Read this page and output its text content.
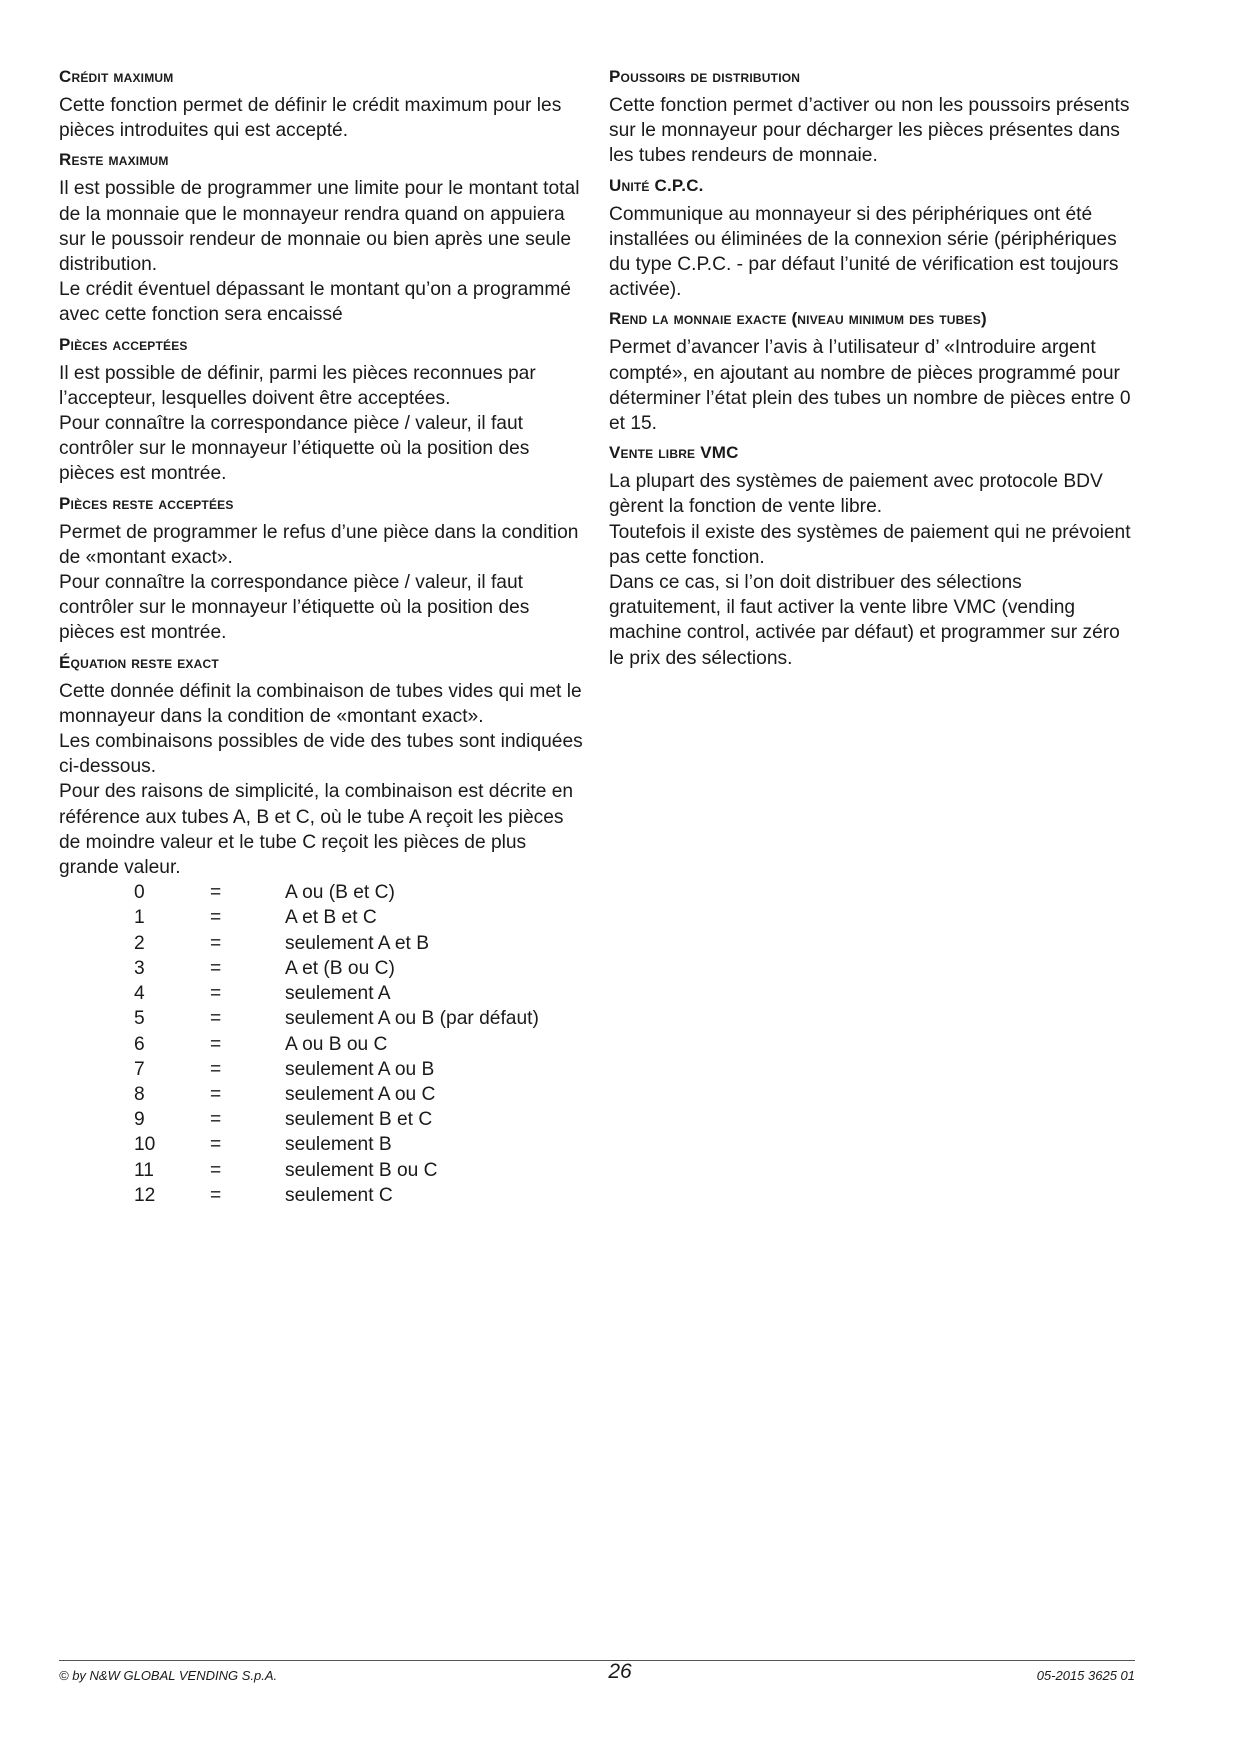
Crédit maximum

Cette fonction permet de définir le crédit maximum pour les pièces introduites qui est accepté.

Reste maximum

Il est possible de programmer une limite pour le montant total de la monnaie que le monnayeur rendra quand on appuiera sur le poussoir rendeur de monnaie ou bien après une seule distribution.

Le crédit éventuel dépassant le montant qu’on a programmé avec cette fonction sera encaissé

Pièces acceptées

Il est possible de définir, parmi les pièces reconnues par l’accepteur, lesquelles doivent être acceptées.

Pour connaître la correspondance pièce / valeur, il faut contrôler sur le monnayeur l’étiquette où la position des pièces est montrée.

Pièces reste acceptées

Permet de programmer le refus d’une pièce dans la condition de «montant exact».

Pour connaître la correspondance pièce / valeur, il faut contrôler sur le monnayeur l’étiquette où la position des pièces est montrée.

Équation reste exact

Cette donnée définit la combinaison de tubes vides qui met le monnayeur dans la condition de «montant exact».

Les combinaisons possibles de vide des tubes sont indiquées ci-dessous.

Pour des raisons de simplicité, la combinaison est décrite en référence aux tubes A, B et C, où le tube A reçoit les pièces de moindre valeur et le tube C reçoit les pièces de plus grande valeur.

0	=	A ou (B et C)
1	=	A et B et C
2	=	seulement A et B
3	=	A et (B ou C)
4	=	seulement A
5	=	seulement A ou B (par défaut)
6	=	A ou B ou C
7	=	seulement A ou B
8	=	seulement A ou C
9	=	seulement B et C
10	=	seulement B
11	=	seulement B ou C
12	=	seulement C
Poussoirs de distribution

Cette fonction permet d’activer ou non les poussoirs présents sur le monnayeur pour décharger les pièces présentes dans les tubes rendeurs de monnaie.

Unité C.P.C.

Communique au monnayeur si des périphériques ont été installées ou éliminées de la connexion série (périphériques du type C.P.C. - par défaut l’unité de vérification est toujours activée).

Rend la monnaie exacte (niveau minimum des tubes)

Permet d’avancer l’avis à l’utilisateur d’ «Introduire argent compté», en ajoutant au nombre de pièces programmé pour déterminer l’état plein des tubes un nombre de pièces entre 0 et 15.

Vente libre VMC

La plupart des systèmes de paiement avec protocole BDV gèrent la fonction de vente libre.

Toutefois il existe des systèmes de paiement qui ne prévoient pas cette fonction.

Dans ce cas, si l’on doit distribuer des sélections gratuitement, il faut activer la vente libre VMC (vending machine control, activée par défaut) et programmer sur zéro le prix des sélections.

© by N&W GLOBAL VENDING S.p.A.	26	05-2015 3625 01
